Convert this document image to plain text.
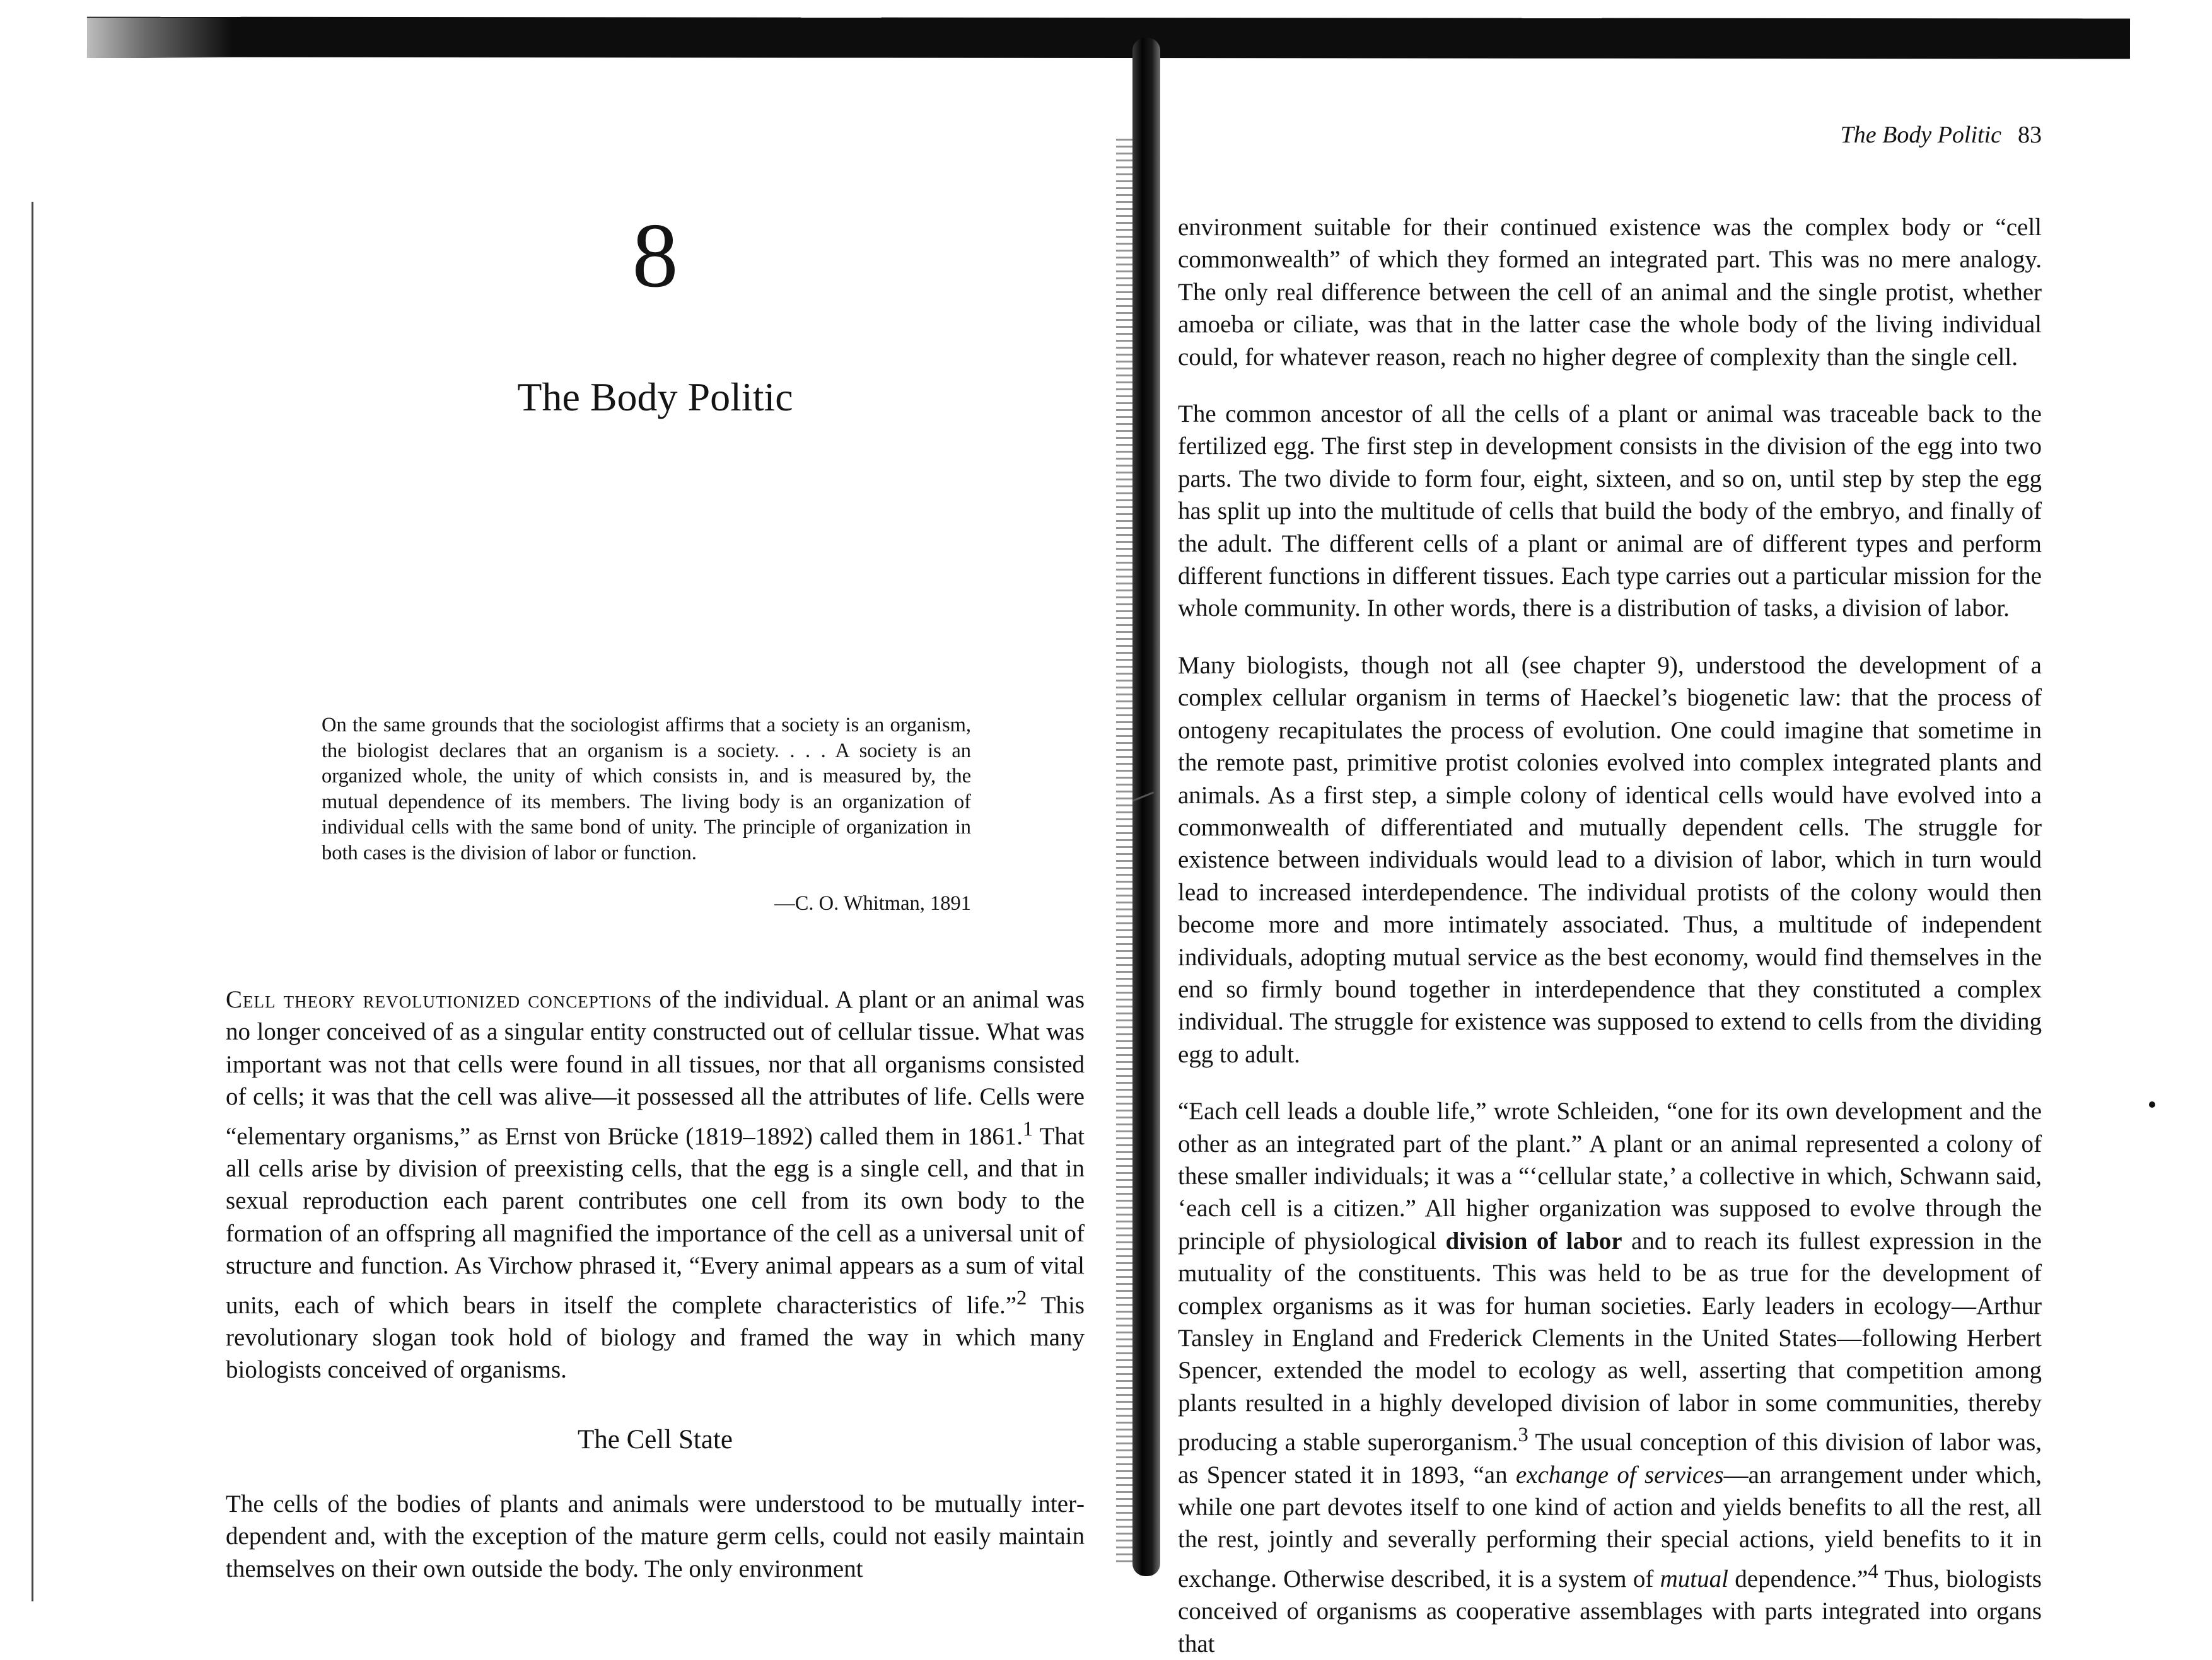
8
The Body Politic

On the same grounds that the sociologist affirms that a society is an organism, the biologist declares that an organism is a society. . . . A society is an organized whole, the unity of which consists in, and is measured by, the mutual dependence of its members. The living body is an organization of individual cells with the same bond of unity. The principle of organization in both cases is the division of labor or function.

—C. O. Whitman, 1891

Cell theory revolutionized conceptions of the individual. A plant or an animal was no longer conceived of as a singular entity constructed out of cellular tissue. What was important was not that cells were found in all tissues, nor that all organisms consisted of cells; it was that the cell was alive—it possessed all the attributes of life. Cells were “elementary organisms,” as Ernst von Brücke (1819–1892) called them in 1861.$^1$ That all cells arise by division of preexisting cells, that the egg is a single cell, and that in sexual reproduction each parent contributes one cell from its own body to the formation of an offspring all magnified the importance of the cell as a universal unit of structure and function. As Virchow phrased it, “Every animal appears as a sum of vital units, each of which bears in itself the complete characteristics of life.”$^2$ This revolutionary slogan took hold of biology and framed the way in which many biologists conceived of organisms.

The Cell State

The cells of the bodies of plants and animals were understood to be mutually interdependent and, with the exception of the mature germ cells, could not easily maintain themselves on their own outside the body. The only environment

The Body Politic 83

environment suitable for their continued existence was the complex body or “cell commonwealth” of which they formed an integrated part. This was no mere analogy. The only real difference between the cell of an animal and the single protist, whether amoeba or ciliate, was that in the latter case the whole body of the living individual could, for whatever reason, reach no higher degree of complexity than the single cell.

The common ancestor of all the cells of a plant or animal was traceable back to the fertilized egg. The first step in development consists in the division of the egg into two parts. The two divide to form four, eight, sixteen, and so on, until step by step the egg has split up into the multitude of cells that build the body of the embryo, and finally of the adult. The different cells of a plant or animal are of different types and perform different functions in different tissues. Each type carries out a particular mission for the whole community. In other words, there is a distribution of tasks, a division of labor.

Many biologists, though not all (see chapter 9), understood the development of a complex cellular organism in terms of Haeckel’s biogenetic law: that the process of ontogeny recapitulates the process of evolution. One could imagine that sometime in the remote past, primitive protist colonies evolved into complex integrated plants and animals. As a first step, a simple colony of identical cells would have evolved into a commonwealth of differentiated and mutually dependent cells. The struggle for existence between individuals would lead to a division of labor, which in turn would lead to increased interdependence. The individual protists of the colony would then become more and more intimately associated. Thus, a multitude of independent individuals, adopting mutual service as the best economy, would find themselves in the end so firmly bound together in interdependence that they constituted a complex individual. The struggle for existence was supposed to extend to cells from the dividing egg to adult.

“Each cell leads a double life,” wrote Schleiden, “one for its own development and the other as an integrated part of the plant.” A plant or an animal represented a colony of these smaller individuals; it was a “‘cellular state,’ a collective in which, Schwann said, ‘each cell is a citizen.” All higher organization was supposed to evolve through the principle of physiological division of labor and to reach its fullest expression in the mutuality of the constituents. This was held to be as true for the development of complex organisms as it was for human societies. Early leaders in ecology—Arthur Tansley in England and Frederick Clements in the United States—following Herbert Spencer, extended the model to ecology as well, asserting that competition among plants resulted in a highly developed division of labor in some communities, thereby producing a stable superorganism.$^3$ The usual conception of this division of labor was, as Spencer stated it in 1893, “an exchange of services—an arrangement under which, while one part devotes itself to one kind of action and yields benefits to all the rest, all the rest, jointly and severally performing their special actions, yield benefits to it in exchange. Otherwise described, it is a system of mutual dependence.”$^4$ Thus, biologists conceived of organisms as cooperative assemblages with parts integrated into organs that
